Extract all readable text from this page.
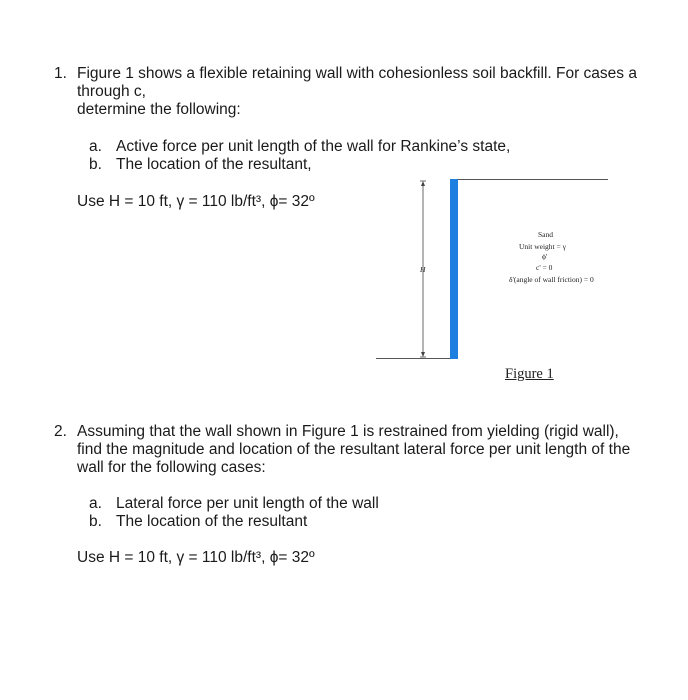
1. Figure 1 shows a flexible retaining wall with cohesionless soil backfill. For cases a
through c,
determine the following:
a. Active force per unit length of the wall for Rankine’s state,
b. The location of the resultant,
Use H = 10 ft, γ = 110 lb/ft³, ϕ= 32º
H
Sand
Unit weight = γ
ϕ'
c' = 0
δ'(angle of wall friction) = 0
Figure 1
2. Assuming that the wall shown in Figure 1 is restrained from yielding (rigid wall),
find the magnitude and location of the resultant lateral force per unit length of the
wall for the following cases:
a. Lateral force per unit length of the wall
b. The location of the resultant
Use H = 10 ft, γ = 110 lb/ft³, ϕ= 32º
